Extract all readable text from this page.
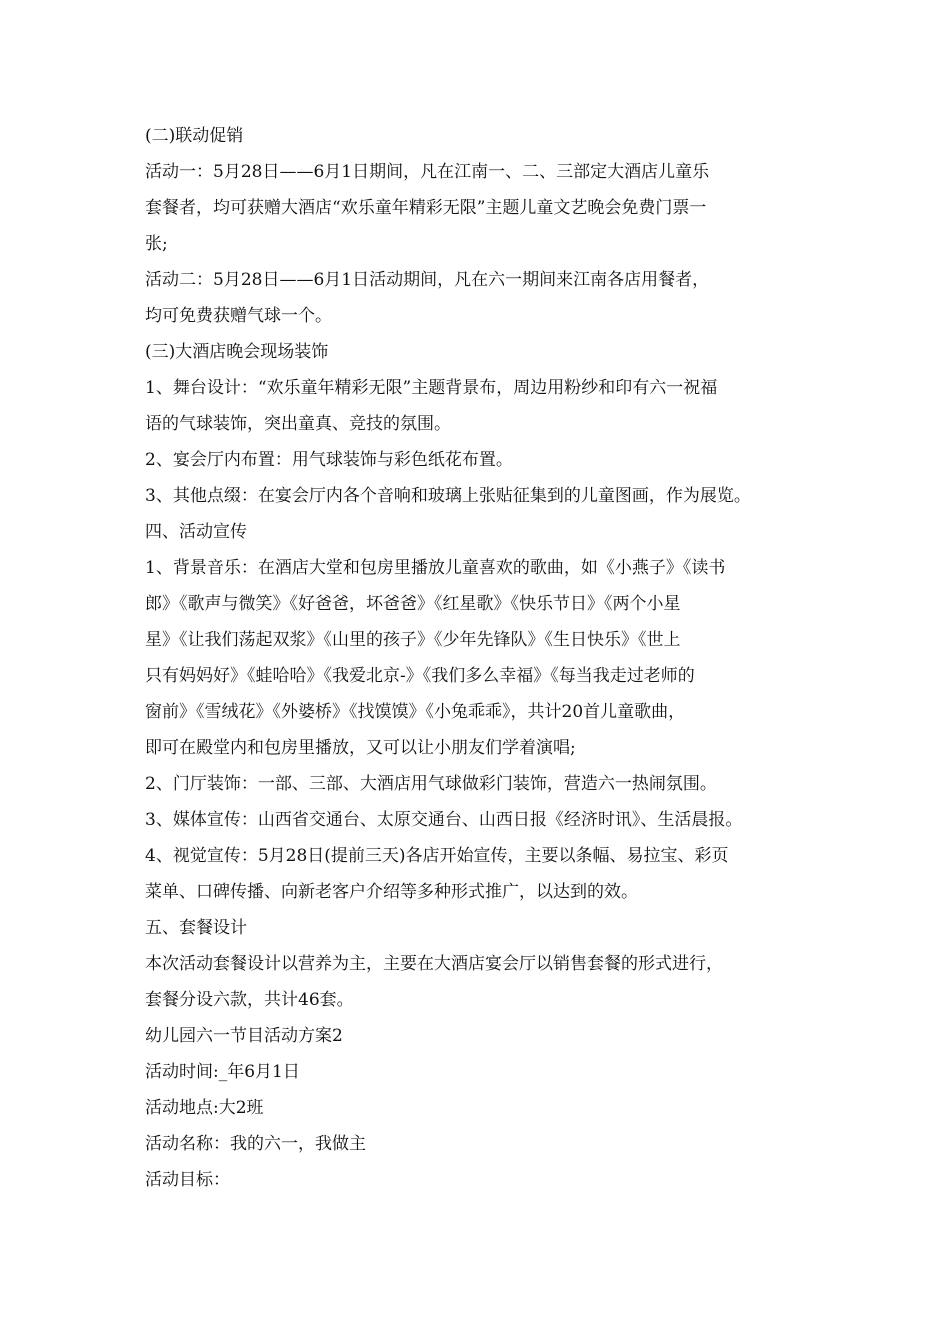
(二)联动促销
活动一：5月28日——6月1日期间，凡在江南一、二、三部定大酒店儿童乐
套餐者，均可获赠大酒店“欢乐童年精彩无限”主题儿童文艺晚会免费门票一
张;
活动二：5月28日——6月1日活动期间，凡在六一期间来江南各店用餐者，
均可免费获赠气球一个。
(三)大酒店晚会现场装饰
1、舞台设计：“欢乐童年精彩无限”主题背景布，周边用粉纱和印有六一祝福
语的气球装饰，突出童真、竞技的氛围。
2、宴会厅内布置：用气球装饰与彩色纸花布置。
3、其他点缀：在宴会厅内各个音响和玻璃上张贴征集到的儿童图画，作为展览。
四、活动宣传
1、背景音乐：在酒店大堂和包房里播放儿童喜欢的歌曲，如《小燕子》《读书
郎》《歌声与微笑》《好爸爸，坏爸爸》《红星歌》《快乐节日》《两个小星
星》《让我们荡起双浆》《山里的孩子》《少年先锋队》《生日快乐》《世上
只有妈妈好》《蛙哈哈》《我爱北京-》《我们多么幸福》《每当我走过老师的
窗前》《雪绒花》《外婆桥》《找馍馍》《小兔乖乖》，共计20首儿童歌曲，
即可在殿堂内和包房里播放，又可以让小朋友们学着演唱;
2、门厅装饰：一部、三部、大酒店用气球做彩门装饰，营造六一热闹氛围。
3、媒体宣传：山西省交通台、太原交通台、山西日报《经济时讯》、生活晨报。
4、视觉宣传：5月28日(提前三天)各店开始宣传，主要以条幅、易拉宝、彩页
菜单、口碑传播、向新老客户介绍等多种形式推广，以达到的效。
五、套餐设计
本次活动套餐设计以营养为主，主要在大酒店宴会厅以销售套餐的形式进行，
套餐分设六款，共计46套。
幼儿园六一节目活动方案2
活动时间:_年6月1日
活动地点:大2班
活动名称：我的六一，我做主
活动目标：
